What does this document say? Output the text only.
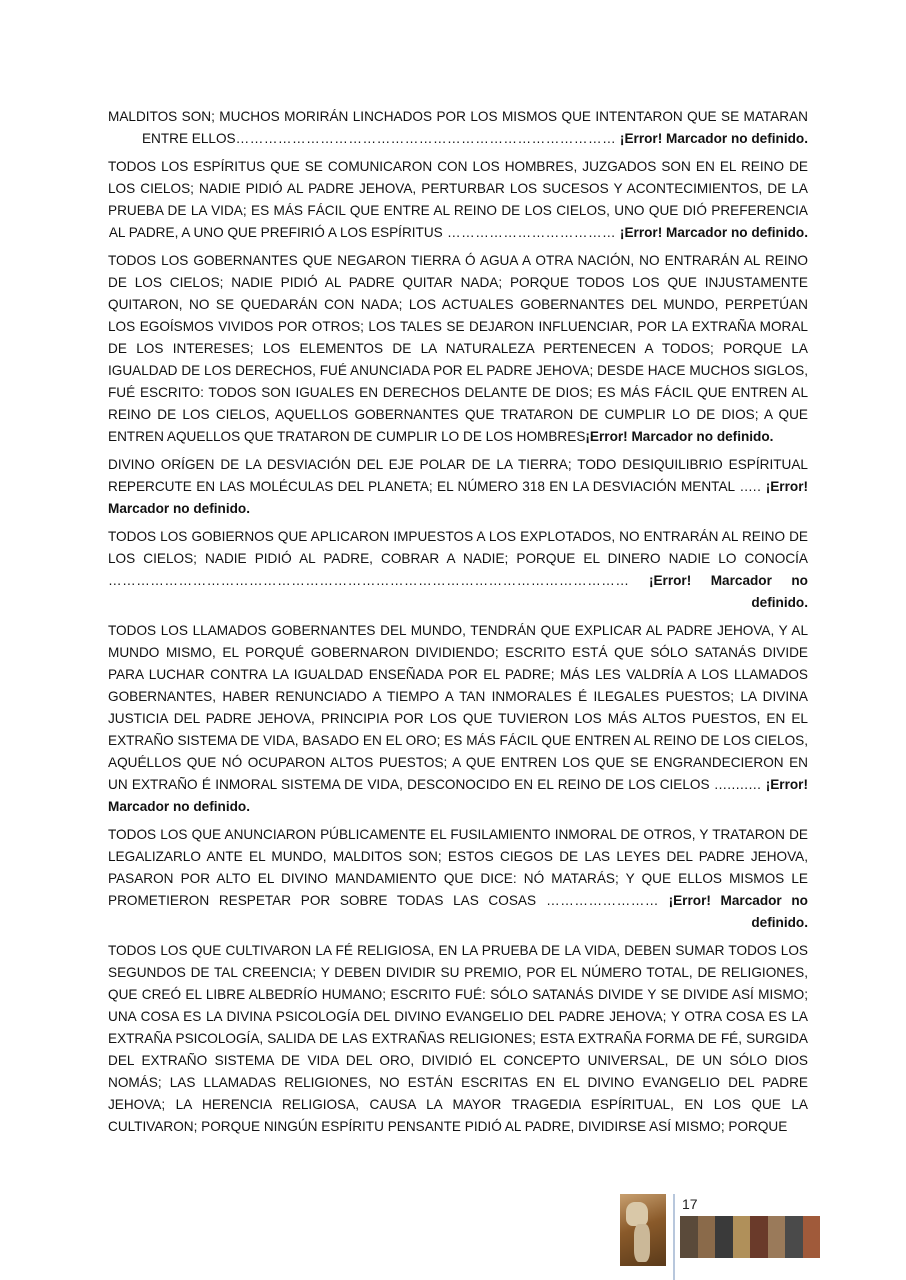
MALDITOS SON; MUCHOS MORIRÁN LINCHADOS POR LOS MISMOS QUE INTENTARON QUE SE MATARAN ENTRE ELLOS……………………………………………………………………… ¡Error! Marcador no definido.

TODOS LOS ESPÍRITUS QUE SE COMUNICARON CON LOS HOMBRES, JUZGADOS SON EN EL REINO DE LOS CIELOS; NADIE PIDIÓ AL PADRE JEHOVA, PERTURBAR LOS SUCESOS Y ACONTECIMIENTOS, DE LA PRUEBA DE LA VIDA; ES MÁS FÁCIL QUE ENTRE AL REINO DE LOS CIELOS, UNO QUE DIÓ PREFERENCIA AL PADRE, A UNO QUE PREFIRIÓ A LOS ESPÍRITUS ……………………………… ¡Error! Marcador no definido.

TODOS LOS GOBERNANTES QUE NEGARON TIERRA Ó AGUA A OTRA NACIÓN, NO ENTRARÁN AL REINO DE LOS CIELOS; NADIE PIDIÓ AL PADRE QUITAR NADA; PORQUE TODOS LOS QUE INJUSTAMENTE QUITARON, NO SE QUEDARÁN CON NADA; LOS ACTUALES GOBERNANTES DEL MUNDO, PERPETÚAN LOS EGOÍSMOS VIVIDOS POR OTROS; LOS TALES SE DEJARON INFLUENCIAR, POR LA EXTRAÑA MORAL DE LOS INTERESES; LOS ELEMENTOS DE LA NATURALEZA PERTENECEN A TODOS; PORQUE LA IGUALDAD DE LOS DERECHOS, FUÉ ANUNCIADA POR EL PADRE JEHOVA; DESDE HACE MUCHOS SIGLOS, FUÉ ESCRITO: TODOS SON IGUALES EN DERECHOS DELANTE DE DIOS; ES MÁS FÁCIL QUE ENTREN AL REINO DE LOS CIELOS, AQUELLOS GOBERNANTES QUE TRATARON DE CUMPLIR LO DE DIOS; A QUE ENTREN AQUELLOS QUE TRATARON DE CUMPLIR LO DE LOS HOMBRES¡Error! Marcador no definido.

DIVINO ORÍGEN DE LA DESVIACIÓN DEL EJE POLAR DE LA TIERRA; TODO DESIQUILIBRIO ESPÍRITUAL REPERCUTE EN LAS MOLÉCULAS DEL PLANETA; EL NÚMERO 318 EN LA DESVIACIÓN MENTAL ..... ¡Error! Marcador no definido.

TODOS LOS GOBIERNOS QUE APLICARON IMPUESTOS A LOS EXPLOTADOS, NO ENTRARÁN AL REINO DE LOS CIELOS; NADIE PIDIÓ AL PADRE, COBRAR A NADIE; PORQUE EL DINERO NADIE LO CONOCÍA ………………………………………………………………………………………………… ¡Error! Marcador no definido.

TODOS LOS LLAMADOS GOBERNANTES DEL MUNDO, TENDRÁN QUE EXPLICAR AL PADRE JEHOVA, Y AL MUNDO MISMO, EL PORQUÉ GOBERNARON DIVIDIENDO; ESCRITO ESTÁ QUE SÓLO SATANÁS DIVIDE PARA LUCHAR CONTRA LA IGUALDAD ENSEÑADA POR EL PADRE; MÁS LES VALDRÍA A LOS LLAMADOS GOBERNANTES, HABER RENUNCIADO A TIEMPO A TAN INMORALES É ILEGALES PUESTOS; LA DIVINA JUSTICIA DEL PADRE JEHOVA, PRINCIPIA POR LOS QUE TUVIERON LOS MÁS ALTOS PUESTOS, EN EL EXTRAÑO SISTEMA DE VIDA, BASADO EN EL ORO; ES MÁS FÁCIL QUE ENTREN AL REINO DE LOS CIELOS, AQUÉLLOS QUE NÓ OCUPARON ALTOS PUESTOS; A QUE ENTREN LOS QUE SE ENGRANDECIERON EN UN EXTRAÑO É INMORAL SISTEMA DE VIDA, DESCONOCIDO EN EL REINO DE LOS CIELOS ........... ¡Error! Marcador no definido.

TODOS LOS QUE ANUNCIARON PÚBLICAMENTE EL FUSILAMIENTO INMORAL DE OTROS, Y TRATARON DE LEGALIZARLO ANTE EL MUNDO, MALDITOS SON; ESTOS CIEGOS DE LAS LEYES DEL PADRE JEHOVA, PASARON POR ALTO EL DIVINO MANDAMIENTO QUE DICE: NÓ MATARÁS; Y QUE ELLOS MISMOS LE PROMETIERON RESPETAR POR SOBRE TODAS LAS COSAS …………………… ¡Error! Marcador no definido.

TODOS LOS QUE CULTIVARON LA FÉ RELIGIOSA, EN LA PRUEBA DE LA VIDA, DEBEN SUMAR TODOS LOS SEGUNDOS DE TAL CREENCIA; Y DEBEN DIVIDIR SU PREMIO, POR EL NÚMERO TOTAL, DE RELIGIONES, QUE CREÓ EL LIBRE ALBEDRÍO HUMANO; ESCRITO FUÉ: SÓLO SATANÁS DIVIDE Y SE DIVIDE ASÍ MISMO; UNA COSA ES LA DIVINA PSICOLOGÍA DEL DIVINO EVANGELIO DEL PADRE JEHOVA; Y OTRA COSA ES LA EXTRAÑA PSICOLOGÍA, SALIDA DE LAS EXTRAÑAS RELIGIONES; ESTA EXTRAÑA FORMA DE FÉ, SURGIDA DEL EXTRAÑO SISTEMA DE VIDA DEL ORO, DIVIDIÓ EL CONCEPTO UNIVERSAL, DE UN SÓLO DIOS NOMÁS; LAS LLAMADAS RELIGIONES, NO ESTÁN ESCRITAS EN EL DIVINO EVANGELIO DEL PADRE JEHOVA; LA HERENCIA RELIGIOSA, CAUSA LA MAYOR TRAGEDIA ESPÍRITUAL, EN LOS QUE LA CULTIVARON; PORQUE NINGÚN ESPÍRITU PENSANTE PIDIÓ AL PADRE, DIVIDIRSE ASÍ MISMO; PORQUE

17
